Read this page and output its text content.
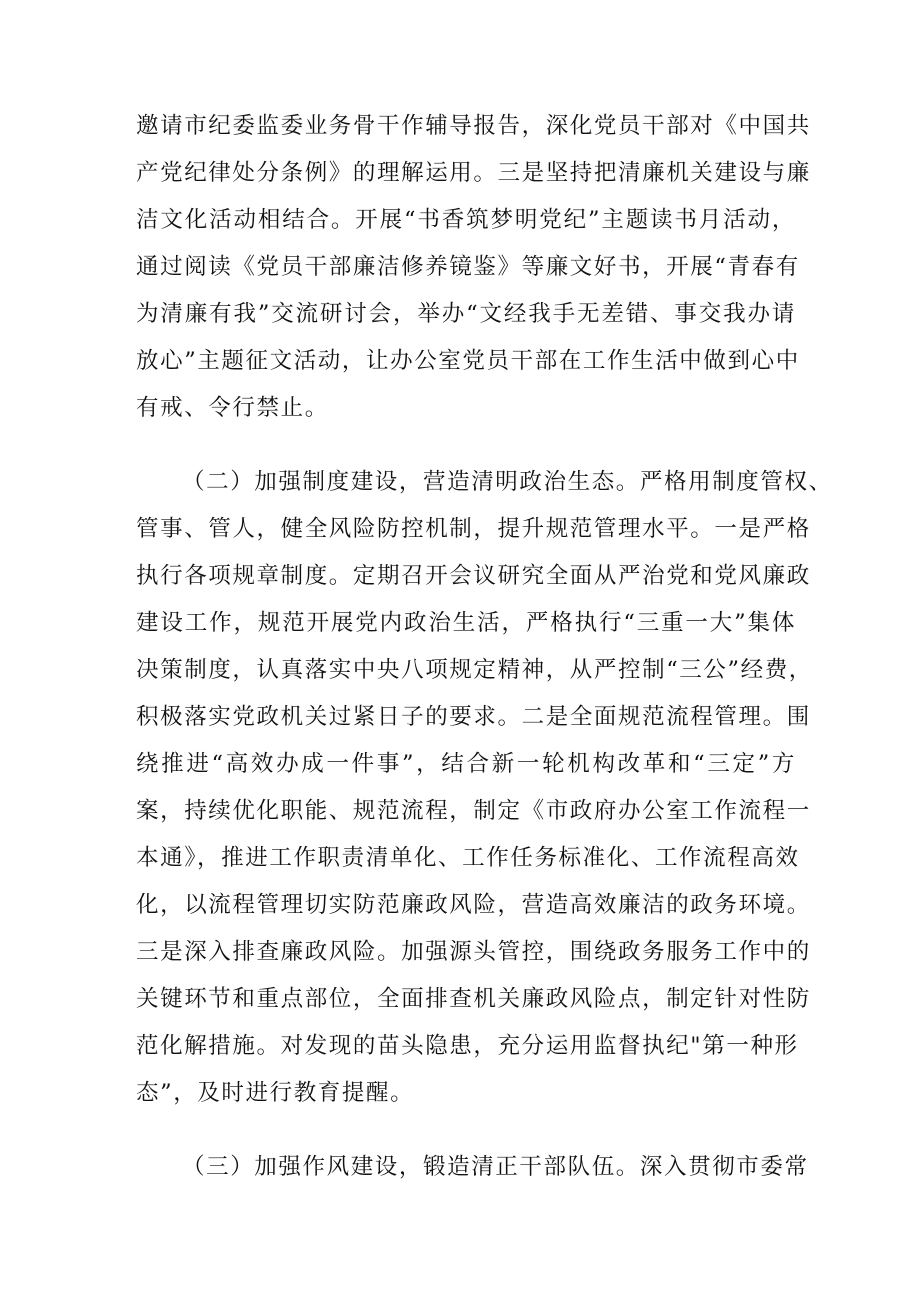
邀请市纪委监委业务骨干作辅导报告，深化党员干部对《中国共

产党纪律处分条例》的理解运用。三是坚持把清廉机关建设与廉

洁文化活动相结合。开展“书香筑梦明党纪”主题读书月活动，

通过阅读《党员干部廉洁修养镜鉴》等廉文好书，开展“青春有

为清廉有我”交流研讨会，举办“文经我手无差错、事交我办请

放心”主题征文活动，让办公室党员干部在工作生活中做到心中

有戒、令行禁止。

（二）加强制度建设，营造清明政治生态。严格用制度管权、

管事、管人，健全风险防控机制，提升规范管理水平。一是严格

执行各项规章制度。定期召开会议研究全面从严治党和党风廉政

建设工作，规范开展党内政治生活，严格执行“三重一大”集体

决策制度，认真落实中央八项规定精神，从严控制“三公”经费，

积极落实党政机关过紧日子的要求。二是全面规范流程管理。围

绕推进“高效办成一件事”，结合新一轮机构改革和“三定”方

案，持续优化职能、规范流程，制定《市政府办公室工作流程一

本通》，推进工作职责清单化、工作任务标准化、工作流程高效

化，以流程管理切实防范廉政风险，营造高效廉洁的政务环境。

三是深入排查廉政风险。加强源头管控，围绕政务服务工作中的

关键环节和重点部位，全面排查机关廉政风险点，制定针对性防

范化解措施。对发现的苗头隐患，充分运用监督执纪"第一种形

态”，及时进行教育提醒。

（三）加强作风建设，锻造清正干部队伍。深入贯彻市委常
